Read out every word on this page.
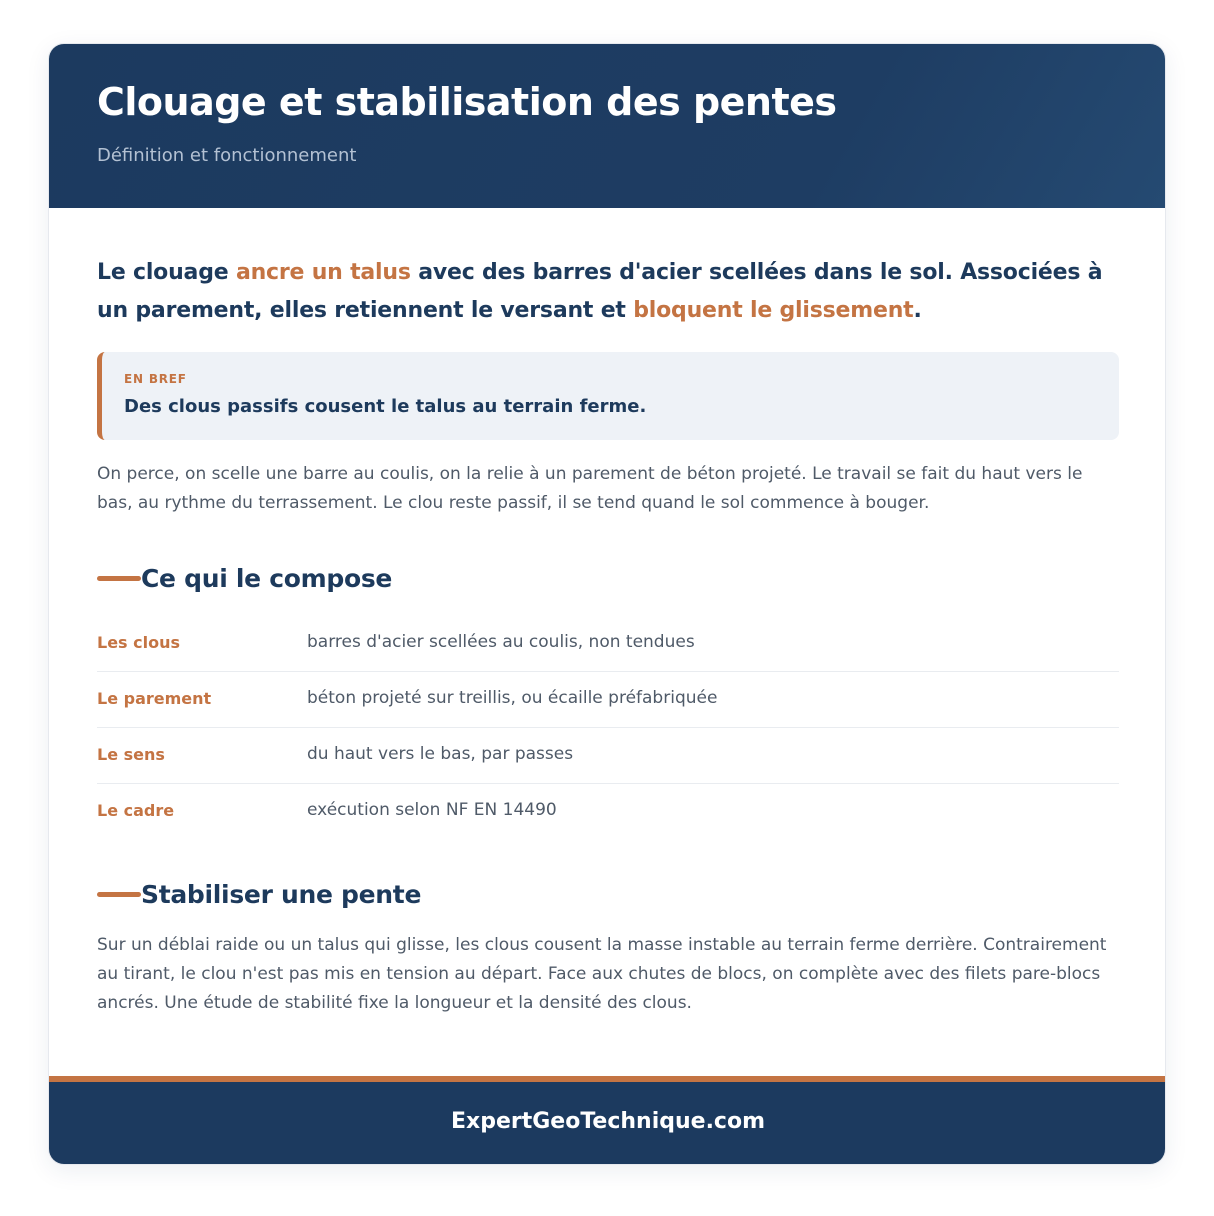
Clouage et stabilisation des pentes
Définition et fonctionnement

Le clouage ancre un talus avec des barres d'acier scellées dans le sol. Associées à un parement, elles retiennent le versant et bloquent le glissement.

EN BREF
Des clous passifs cousent le talus au terrain ferme.

On perce, on scelle une barre au coulis, on la relie à un parement de béton projeté. Le travail se fait du haut vers le bas, au rythme du terrassement. Le clou reste passif, il se tend quand le sol commence à bouger.

Ce qui le compose
Les clous	barres d'acier scellées au coulis, non tendues
Le parement	béton projeté sur treillis, ou écaille préfabriquée
Le sens	du haut vers le bas, par passes
Le cadre	exécution selon NF EN 14490
Stabiliser une pente

Sur un déblai raide ou un talus qui glisse, les clous cousent la masse instable au terrain ferme derrière. Contrairement au tirant, le clou n'est pas mis en tension au départ. Face aux chutes de blocs, on complète avec des filets pare-blocs ancrés. Une étude de stabilité fixe la longueur et la densité des clous.

ExpertGeoTechnique.com
